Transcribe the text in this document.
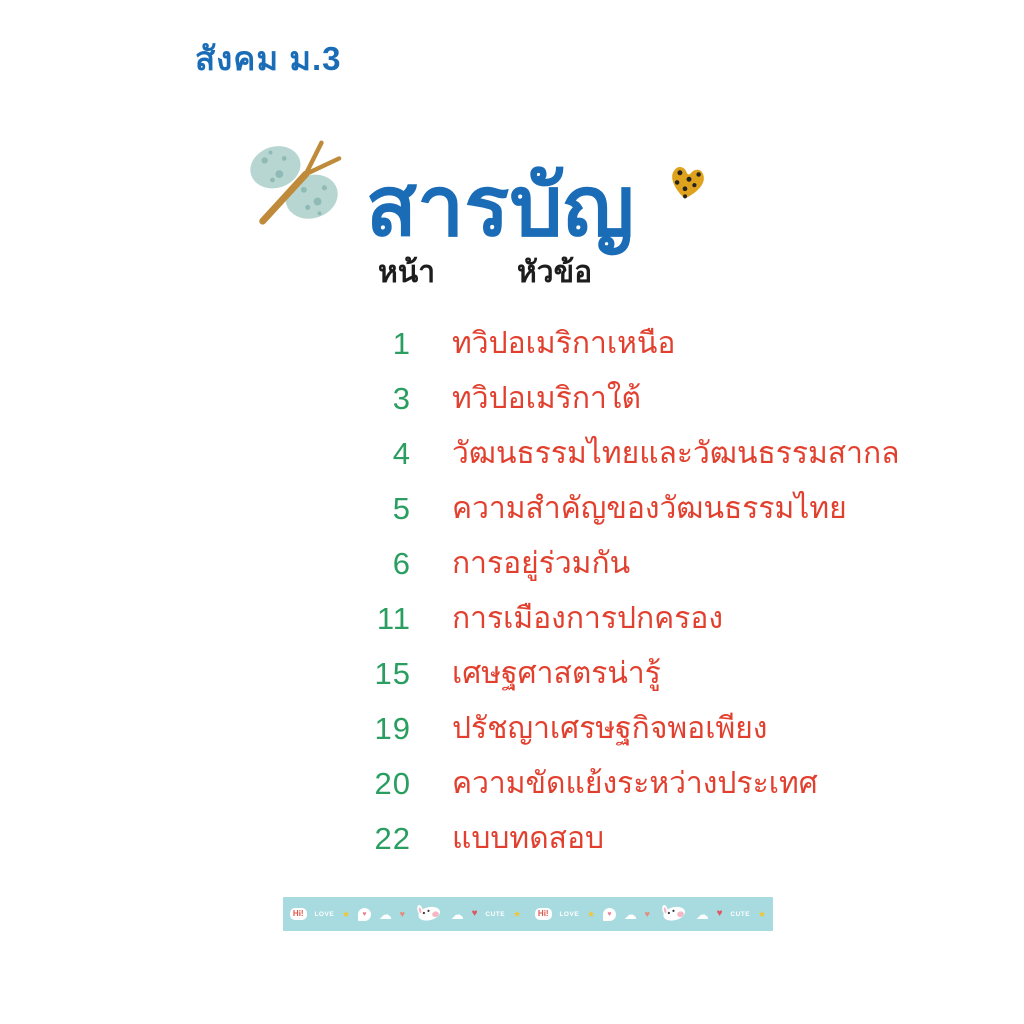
สังคม ม.3
สารบัญ
หน้า	หัวข้อ
1 ทวิปอเมริกาเหนือ
3 ทวิปอเมริกาใต้
4 วัฒนธรรมไทยและวัฒนธรรมสากล
5 ความสำคัญของวัฒนธรรมไทย
6 การอยู่ร่วมกัน
11 การเมืองการปกครอง
15 เศษฐศาสตรน่ารู้
19 ปรัชญาเศรษฐกิจพอเพียง
20 ความขัดแย้งระหว่างประเทศ
22 แบบทดสอบ
Hi!	LOVE ★	♥ ☁ ♥	☁ ♥ CUTE ★	Hi!	LOVE ★	♥ ☁ ♥	☁ ♥ CUTE ★
